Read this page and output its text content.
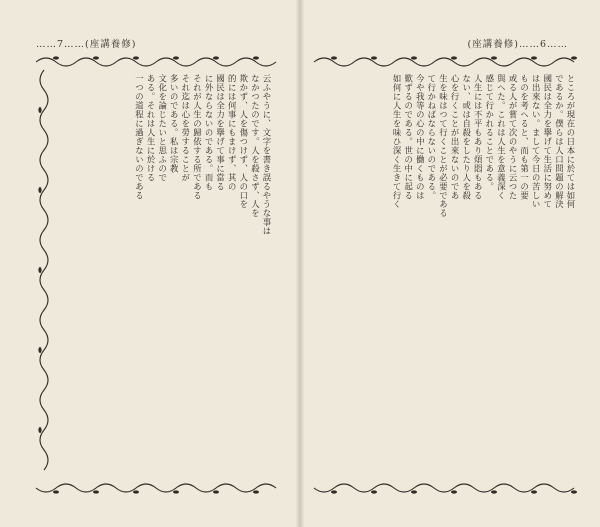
……7……(座講養修)
云ふやうに、文字を書き誤るやうな事は
なかつたのです。人を殺さず、人を
欺かず、人を傷つけず、人の口を
的には何事にもまけず、其の
國民は全力を擧げて事に當る
に外ならないのである。而も
それが人生の歸依する所である
それ迄は心を勞することが
多いのである。私は宗教
文化を論じたいと思ふので
ある。それは人生に於ける
一つの道程に過ぎないのである
(座講養修)……6……
ところが現在の日本に於ては如何
であるか。僕らは人口問題の解決
國民は全力を擧げて生活に努めて
は出來ない。まして今日の苦しい
ものを考へると、而も第一の要
或る人が嘗て次のやうに云つた
與へた。これは人生を意義深く
感じて行かれることである。
人生には不平もあり煩悶もある
ない、或は自殺をしたり人を殺
心を行くことが出來ないのであ
生を味はつて行くことが必要である
て行かねばならないのである。
今や我等の心の中に働くものは
歎ずるのである。世の中に起る
如何に人生を味ひ深く生きて行く
